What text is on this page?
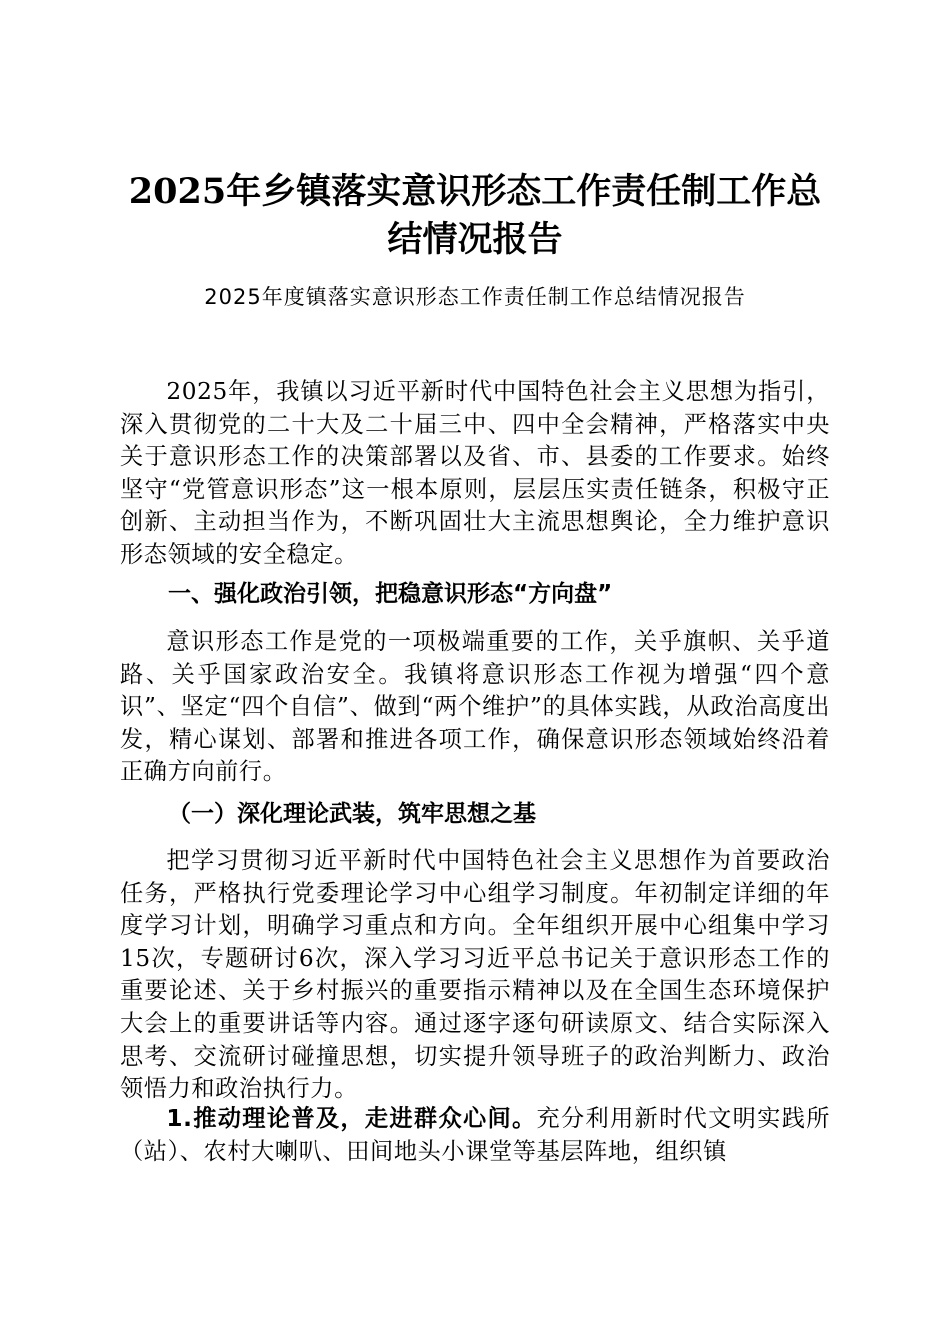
2025年乡镇落实意识形态工作责任制工作总结情况报告
2025年度镇落实意识形态工作责任制工作总结情况报告

2025年，我镇以习近平新时代中国特色社会主义思想为指引，深入贯彻党的二十大及二十届三中、四中全会精神，严格落实中央关于意识形态工作的决策部署以及省、市、县委的工作要求。始终坚守“党管意识形态”这一根本原则，层层压实责任链条，积极守正创新、主动担当作为，不断巩固壮大主流思想舆论，全力维护意识形态领域的安全稳定。

一、强化政治引领，把稳意识形态“方向盘”

意识形态工作是党的一项极端重要的工作，关乎旗帜、关乎道路、关乎国家政治安全。我镇将意识形态工作视为增强“四个意识”、坚定“四个自信”、做到“两个维护”的具体实践，从政治高度出发，精心谋划、部署和推进各项工作，确保意识形态领域始终沿着正确方向前行。

（一）深化理论武装，筑牢思想之基

把学习贯彻习近平新时代中国特色社会主义思想作为首要政治任务，严格执行党委理论学习中心组学习制度。年初制定详细的年度学习计划，明确学习重点和方向。全年组织开展中心组集中学习15次，专题研讨6次，深入学习习近平总书记关于意识形态工作的重要论述、关于乡村振兴的重要指示精神以及在全国生态环境保护大会上的重要讲话等内容。通过逐字逐句研读原文、结合实际深入思考、交流研讨碰撞思想，切实提升领导班子的政治判断力、政治领悟力和政治执行力。

1.推动理论普及，走进群众心间。充分利用新时代文明实践所（站）、农村大喇叭、田间地头小课堂等基层阵地，组织镇
